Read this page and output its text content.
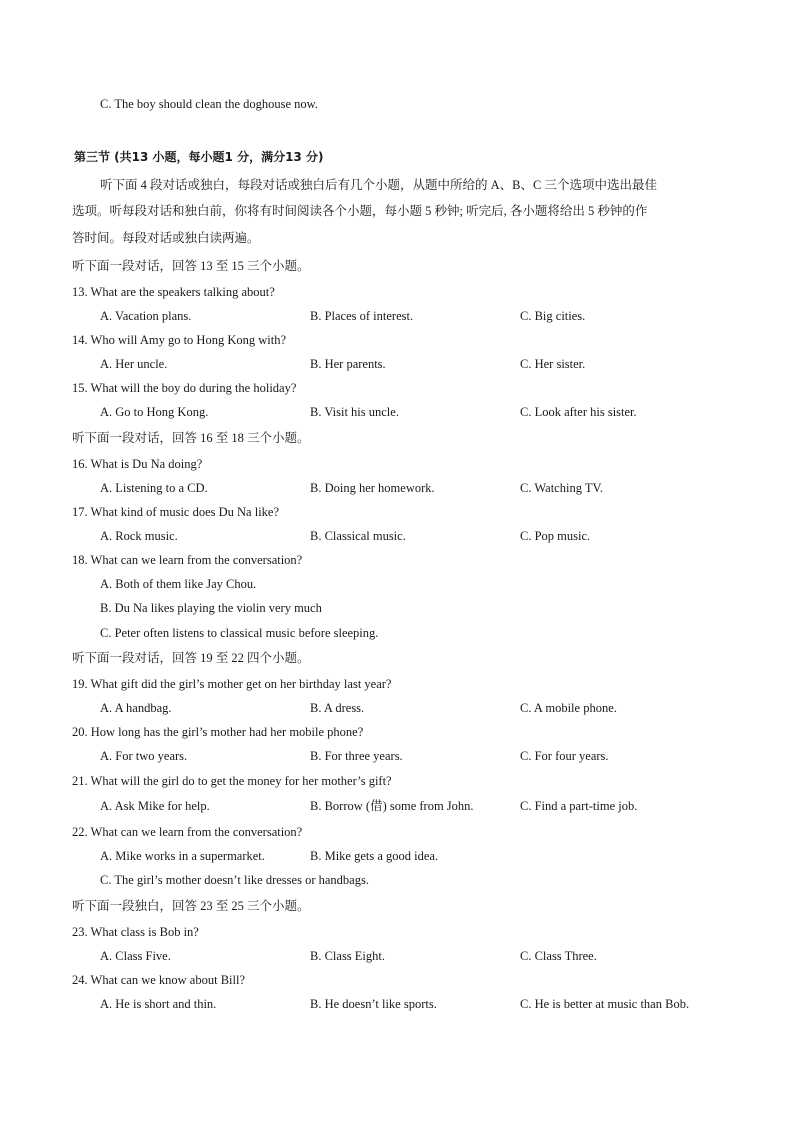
C. The boy should clean the doghouse now.
第三节 (共13 小题，每小题1 分，满分13 分)
听下面 4 段对话或独白，每段对话或独白后有几个小题，从题中所给的 A、B、C 三个选项中选出最佳
选项。听每段对话和独白前，你将有时间阅读各个小题，每小题 5 秒钟; 听完后, 各小题将给出 5 秒钟的作
答时间。每段对话或独白读两遍。
听下面一段对话，回答 13 至 15 三个小题。
13. What are the speakers talking about?
A. Vacation plans.	B. Places of interest.	C. Big cities.
14. Who will Amy go to Hong Kong with?
A. Her uncle.	B. Her parents.	C. Her sister.
15. What will the boy do during the holiday?
A. Go to Hong Kong.	B. Visit his uncle.	C. Look after his sister.
听下面一段对话，回答 16 至 18 三个小题。
16. What is Du Na doing?
A. Listening to a CD.	B. Doing her homework.	C. Watching TV.
17. What kind of music does Du Na like?
A. Rock music.	B. Classical music.	C. Pop music.
18. What can we learn from the conversation?
A. Both of them like Jay Chou.
B. Du Na likes playing the violin very much
C. Peter often listens to classical music before sleeping.
听下面一段对话，回答 19 至 22 四个小题。
19. What gift did the girl’s mother get on her birthday last year?
A. A handbag.	B. A dress.	C. A mobile phone.
20. How long has the girl’s mother had her mobile phone?
A. For two years.	B. For three years.	C. For four years.
21. What will the girl do to get the money for her mother’s gift?
A. Ask Mike for help.	B. Borrow (借) some from John.	C. Find a part-time job.
22. What can we learn from the conversation?
A. Mike works in a supermarket.	B. Mike gets a good idea.
C. The girl’s mother doesn’t like dresses or handbags.
听下面一段独白，回答 23 至 25 三个小题。
23. What class is Bob in?
A. Class Five.	B. Class Eight.	C. Class Three.
24. What can we know about Bill?
A. He is short and thin.	B. He doesn’t like sports.	C. He is better at music than Bob.
